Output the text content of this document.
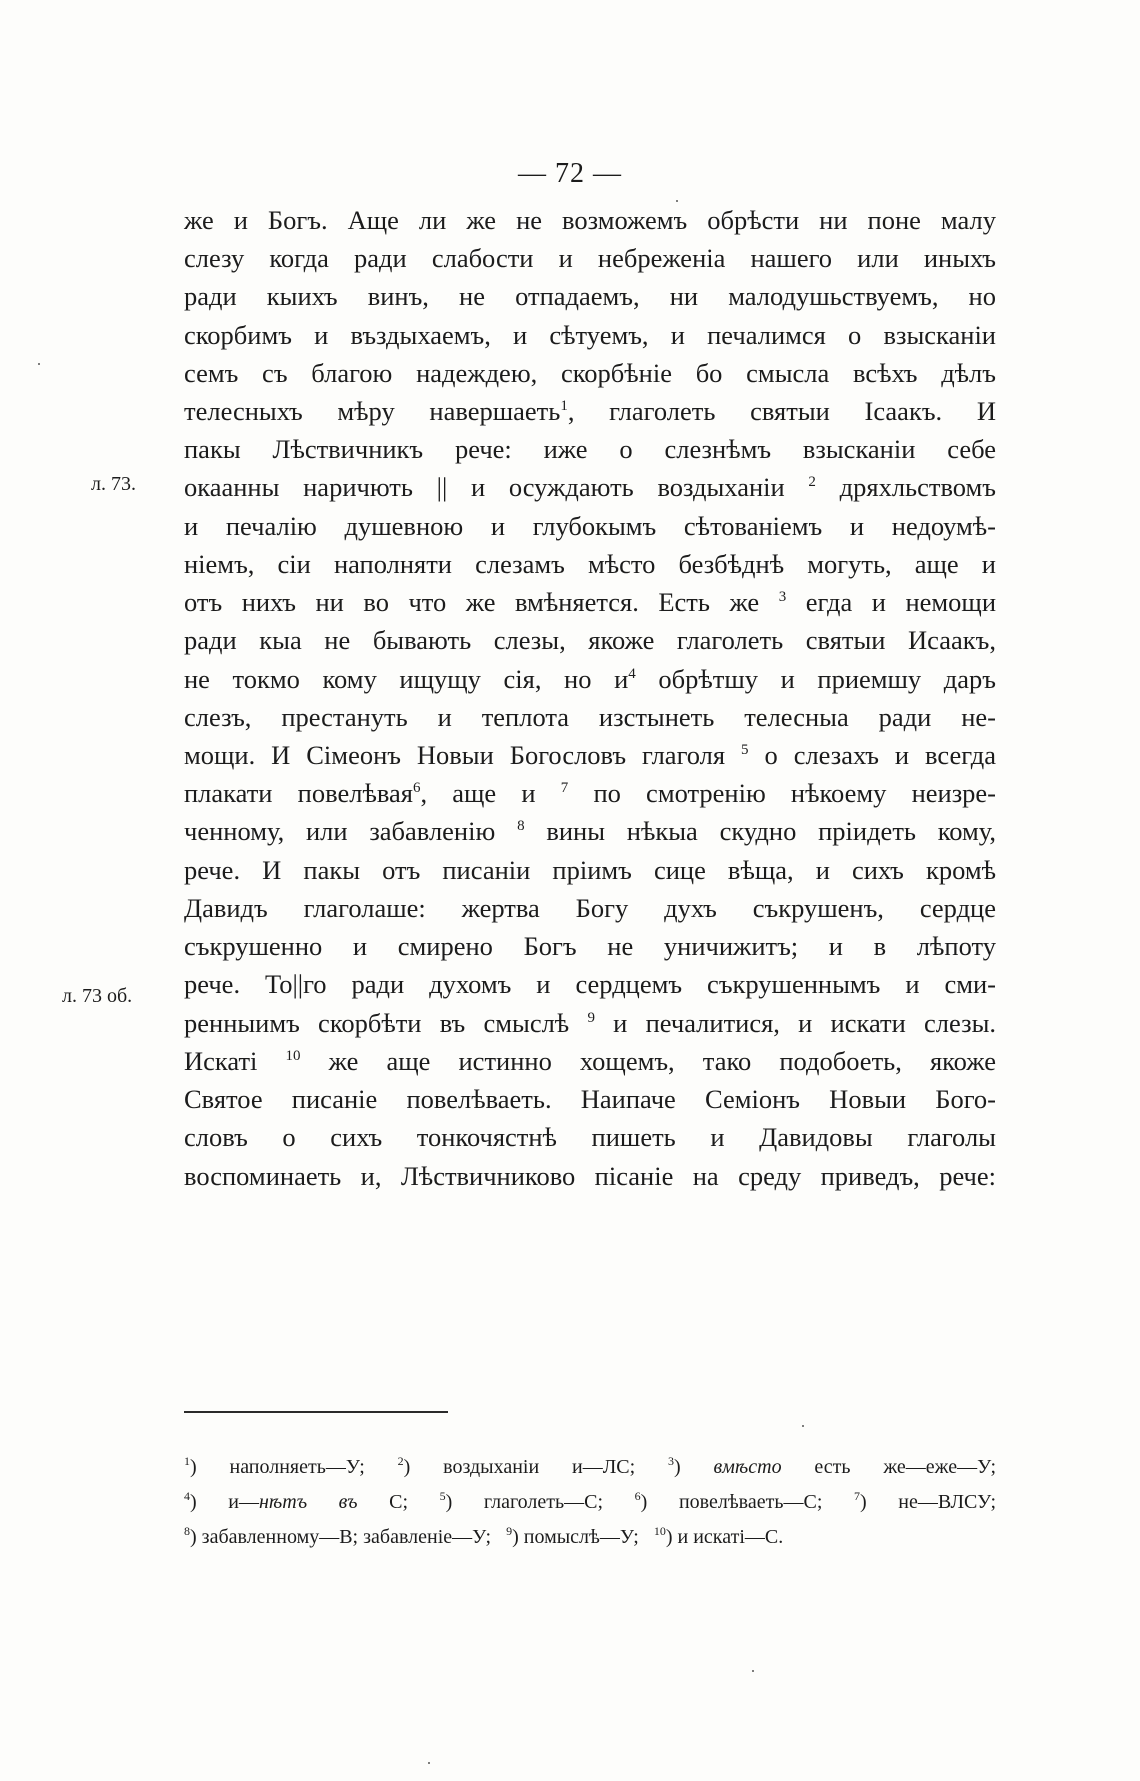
— 72 —
л. 73.
л. 73 об.
же и Богъ. Аще ли же не возможемъ обрѣсти ни поне малу
слезу когда ради слабости и небреженіа нашего или иныхъ
ради кыихъ винъ, не отпадаемъ, ни малодушьствуемъ, но
скорбимъ и въздыхаемъ, и сѣтуемъ, и печалимся о взысканіи
семъ съ благою надеждею, скорбѣніе бо смысла всѣхъ дѣлъ
телесныхъ мѣру навершаеть$^1$, глаголеть святыи Ісаакъ. И
пакы Лѣствичникъ рече: иже о слезнѣмъ взысканіи себе
окаанны наричють || и осуждають воздыханіи $^2$ дряхльствомъ
и печалію душевною и глубокымъ сѣтованіемъ и недоумѣ-
ніемъ, сіи наполняти слезамъ мѣсто безбѣднѣ могуть, аще и
отъ нихъ ни во что же вмѣняется. Есть же $^3$ егда и немощи
ради кыа не бывають слезы, якоже глаголеть святыи Исаакъ,
не токмо кому ищущу сія, но $и^4$ обрѣтшу и приемшу даръ
слезъ, престануть и теплота изстынеть телесныа ради не-
мощи. И Сімеонъ Новыи Богословъ глаголя $^5$ о слезахъ и всегда
плакати повелѣвая$^6$, аще и $^7$ по смотренію нѣкоему неизре-
ченному, или забавленію $^8$ вины нѣкыа скудно пріидеть кому,
рече. И пакы отъ писаніи пріимъ сице вѣща, и сихъ кромѣ
Давидъ глаголаше: жертва Богу духъ съкрушенъ, сердце
съкрушенно и смирено Богъ не уничижитъ; и в лѣпоту
рече. То||го ради духомъ и сердцемъ съкрушеннымъ и сми-
ренныимъ скорбѣти въ смыслѣ $^9$ и печалитися, и искати слезы.
Искаті $^{10}$ же аще истинно хощемъ, тако подобоеть, якоже
Святое писаніе повелѣваеть. Наипаче Семіонъ Новыи Бого-
словъ о сихъ тонкочястнѣ пишеть и Давидовы глаголы
воспоминаеть и, Лѣствичниково пісаніе на среду приведъ, рече:
$^1$) наполняеть—У;	$^2$) воздыханіи и—ЛС;	$^3$) вмѣсто есть же—еже—У;
$^4$) и—нѣтъ въ С;	$^5$) глаголеть—С;	$^6$) повелѣваеть—С;	$^7$) не—ВЛСУ;
$^8$) забавленному—В; забавленіе—У; $^9$) помыслѣ—У; $^{10}$) и искаті—С.
